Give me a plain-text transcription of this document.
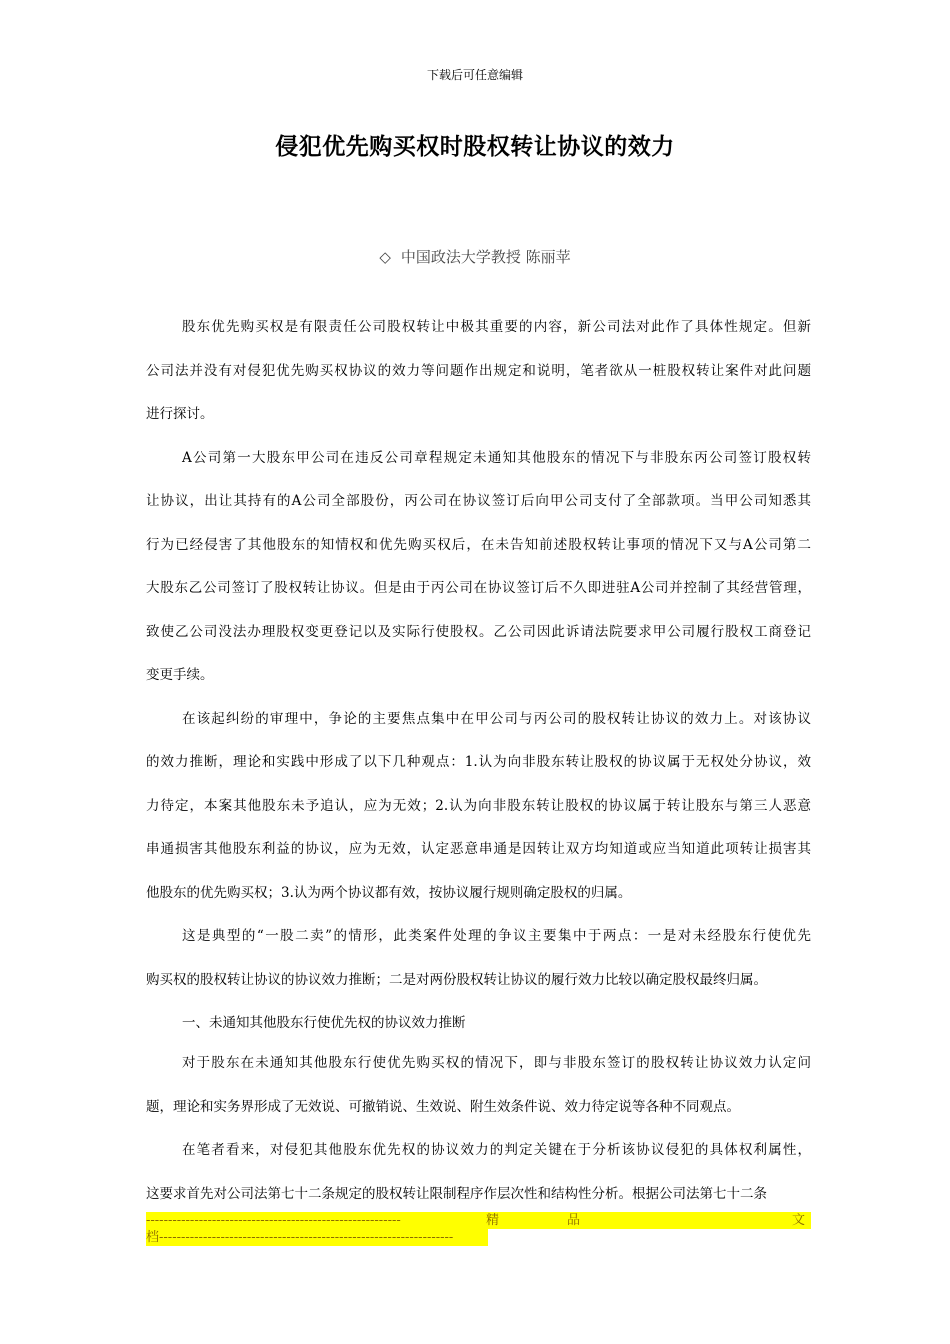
下载后可任意编辑
侵犯优先购买权时股权转让协议的效力
◇ 中国政法大学教授 陈丽苹

股东优先购买权是有限责任公司股权转让中极其重要的内容，新公司法对此作了具体性规定。但新
公司法并没有对侵犯优先购买权协议的效力等问题作出规定和说明，笔者欲从一桩股权转让案件对此问题
进行探讨。

A公司第一大股东甲公司在违反公司章程规定未通知其他股东的情况下与非股东丙公司签订股权转
让协议，出让其持有的A公司全部股份，丙公司在协议签订后向甲公司支付了全部款项。当甲公司知悉其
行为已经侵害了其他股东的知情权和优先购买权后，在未告知前述股权转让事项的情况下又与A公司第二
大股东乙公司签订了股权转让协议。但是由于丙公司在协议签订后不久即进驻A公司并控制了其经营管理，
致使乙公司没法办理股权变更登记以及实际行使股权。乙公司因此诉请法院要求甲公司履行股权工商登记
变更手续。

在该起纠纷的审理中，争论的主要焦点集中在甲公司与丙公司的股权转让协议的效力上。对该协议
的效力推断，理论和实践中形成了以下几种观点：1.认为向非股东转让股权的协议属于无权处分协议，效
力待定，本案其他股东未予追认，应为无效；2.认为向非股东转让股权的协议属于转让股东与第三人恶意
串通损害其他股东利益的协议，应为无效，认定恶意串通是因转让双方均知道或应当知道此项转让损害其
他股东的优先购买权；3.认为两个协议都有效，按协议履行规则确定股权的归属。

这是典型的“一股二卖”的情形，此类案件处理的争议主要集中于两点：一是对未经股东行使优先
购买权的股权转让协议的协议效力推断；二是对两份股权转让协议的履行效力比较以确定股权最终归属。

一、未通知其他股东行使优先权的协议效力推断

对于股东在未通知其他股东行使优先购买权的情况下，即与非股东签订的股权转让协议效力认定问
题，理论和实务界形成了无效说、可撤销说、生效说、附生效条件说、效力待定说等各种不同观点。

在笔者看来，对侵犯其他股东优先权的协议效力的判定关键在于分析该协议侵犯的具体权利属性，
这要求首先对公司法第七十二条规定的股权转让限制程序作层次性和结构性分析。根据公司法第七十二条

----------------------------------------------------------	精	品	文
档-------------------------------------------------------------------
